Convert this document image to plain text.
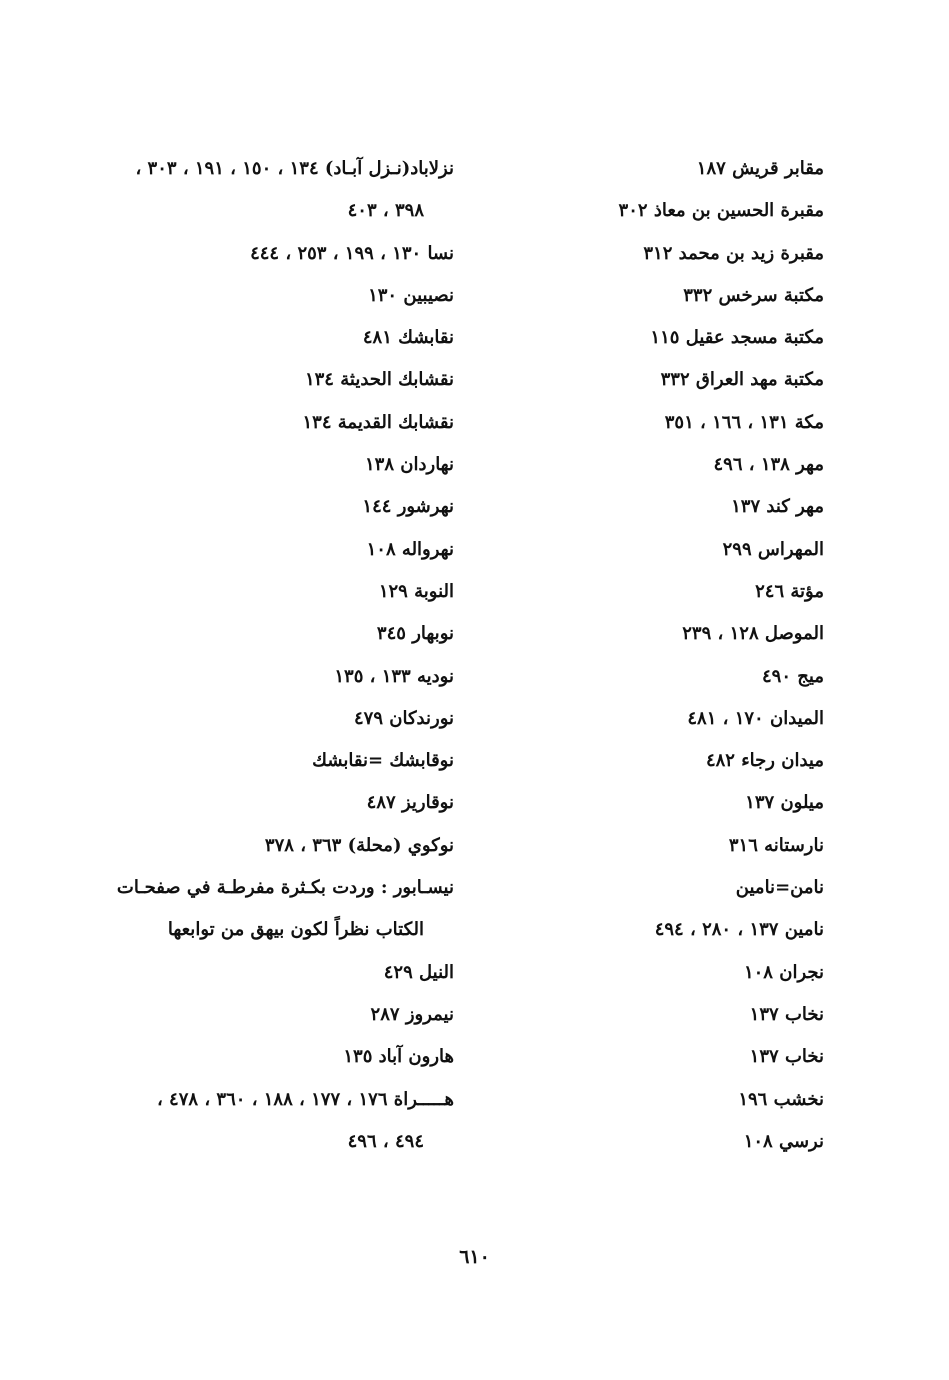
مقابر قريش ١٨٧
مقبرة الحسين بن معاذ ٣٠٢
مقبرة زيد بن محمد ٣١٢
مكتبة سرخس ٣٣٢
مكتبة مسجد عقيل ١١٥
مكتبة مهد العراق ٣٣٢
مكة ١٣١ ، ١٦٦ ، ٣٥١
مهر ١٣٨ ، ٤٩٦
مهر كند ١٣٧
المهراس ٢٩٩
مؤتة ٢٤٦
الموصل ١٢٨ ، ٢٣٩
ميج ٤٩٠
الميدان ١٧٠ ، ٤٨١
ميدان رجاء ٤٨٢
ميلون ١٣٧
نارستانه ٣١٦
نامن=نامين
نامين ١٣٧ ، ٢٨٠ ، ٤٩٤
نجران ١٠٨
نخاب ١٣٧
نخاب ١٣٧
نخشب ١٩٦
نرسي ١٠٨
نزلاباد(نـزل آبـاد) ١٣٤ ، ١٥٠ ، ١٩١ ، ٣٠٣ ،
٣٩٨ ، ٤٠٣
نسا ١٣٠ ، ١٩٩ ، ٢٥٣ ، ٤٤٤
نصيبين ١٣٠
نقابشك ٤٨١
نقشابك الحديثة ١٣٤
نقشابك القديمة ١٣٤
نهاردان ١٣٨
نهرشور ١٤٤
نهرواله ١٠٨
النوبة ١٢٩
نوبهار ٣٤٥
نوديه ١٣٣ ، ١٣٥
نورندكان ٤٧٩
نوقابشك =نقابشك
نوقاريز ٤٨٧
نوكوي (محلة) ٣٦٣ ، ٣٧٨
نيسـابور : وردت بكـثرة مفرطـة في صفحـات
الكتاب نظراً لكون بيهق من توابعها
النيل ٤٢٩
نيمروز ٢٨٧
هارون آباد ١٣٥
هـــــراة ١٧٦ ، ١٧٧ ، ١٨٨ ، ٣٦٠ ، ٤٧٨ ،
٤٩٤ ، ٤٩٦
٦١٠
